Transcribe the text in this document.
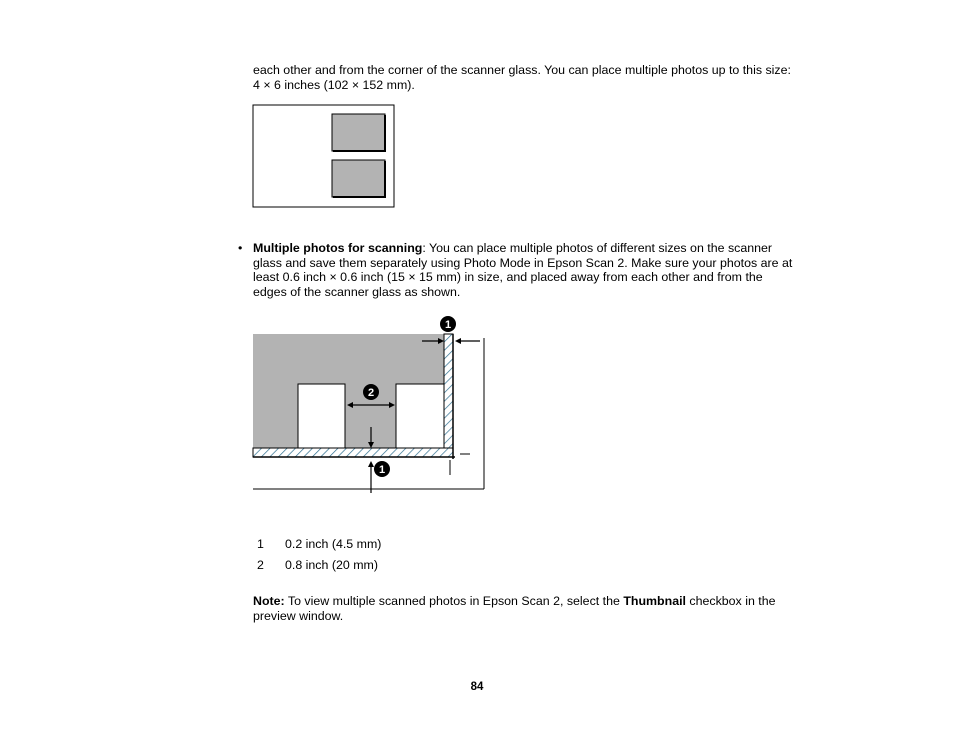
each other and from the corner of the scanner glass. You can place multiple photos up to this size:
4 × 6 inches (102 × 152 mm).
• Multiple photos for scanning: You can place multiple photos of different sizes on the scanner
glass and save them separately using Photo Mode in Epson Scan 2. Make sure your photos are at
least 0.6 inch × 0.6 inch (15 × 15 mm) in size, and placed away from each other and from the
edges of the scanner glass as shown.
1
2
1
1 0.2 inch (4.5 mm)
2 0.8 inch (20 mm)
Note: To view multiple scanned photos in Epson Scan 2, select the Thumbnail checkbox in the
preview window.
84
